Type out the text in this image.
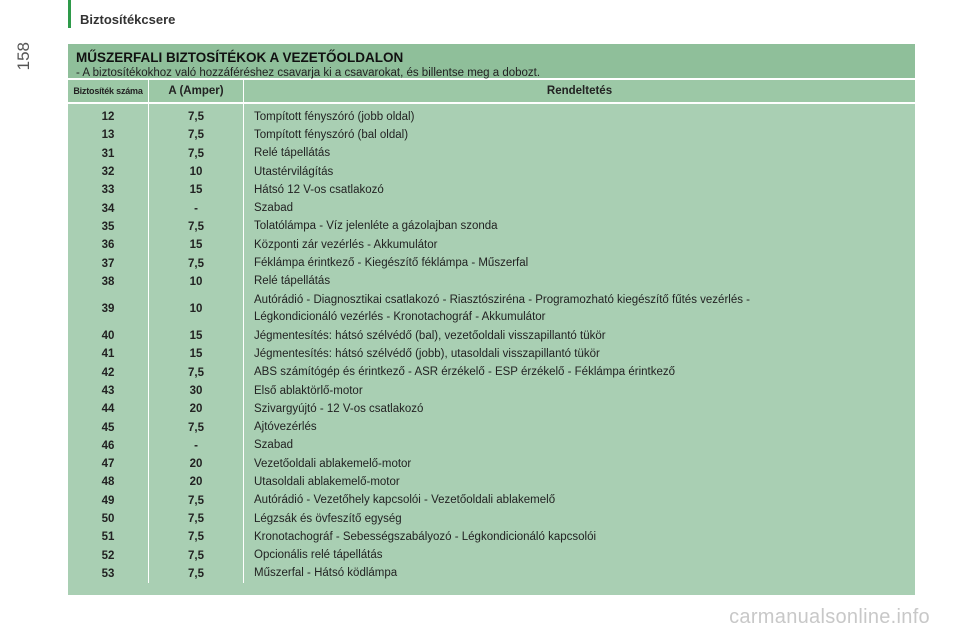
Biztosítékcsere
158	MŰSZERFALI BIZTOSÍTÉKOK A VEZETŐOLDALON
- A biztosítékokhoz való hozzáféréshez csavarja ki a csavarokat, és billentse meg a dobozt.
Biztosíték száma	A (Amper)	Rendeltetés
12	7,5	Tompított fényszóró (jobb oldal)
13	7,5	Tompított fényszóró (bal oldal)
31	7,5	Relé tápellátás
32	10	Utastérvilágítás
33	15	Hátsó 12 V-os csatlakozó
34	-	Szabad
35	7,5	Tolatólámpa - Víz jelenléte a gázolajban szonda
36	15	Központi zár vezérlés - Akkumulátor
37	7,5	Féklámpa érintkező - Kiegészítő féklámpa - Műszerfal
38	10	Relé tápellátás
39	10	Autórádió - Diagnosztikai csatlakozó - Riasztósziréna - Programozható kiegészítő fűtés vezérlés -
Légkondicionáló vezérlés - Kronotachográf - Akkumulátor

40	15	Jégmentesítés: hátsó szélvédő (bal), vezetőoldali visszapillantó tükör
41	15	Jégmentesítés: hátsó szélvédő (jobb), utasoldali visszapillantó tükör
42	7,5	ABS számítógép és érintkező - ASR érzékelő - ESP érzékelő - Féklámpa érintkező
43	30	Első ablaktörlő-motor
44	20	Szivargyújtó - 12 V-os csatlakozó
45	7,5	Ajtóvezérlés
46	-	Szabad
47	20	Vezetőoldali ablakemelő-motor
48	20	Utasoldali ablakemelő-motor
49	7,5	Autórádió - Vezetőhely kapcsolói - Vezetőoldali ablakemelő
50	7,5	Légzsák és övfeszítő egység
51	7,5	Kronotachográf - Sebességszabályozó - Légkondicionáló kapcsolói
52	7,5	Opcionális relé tápellátás
53	7,5	Műszerfal - Hátsó ködlámpa
carmanualsonline.info
